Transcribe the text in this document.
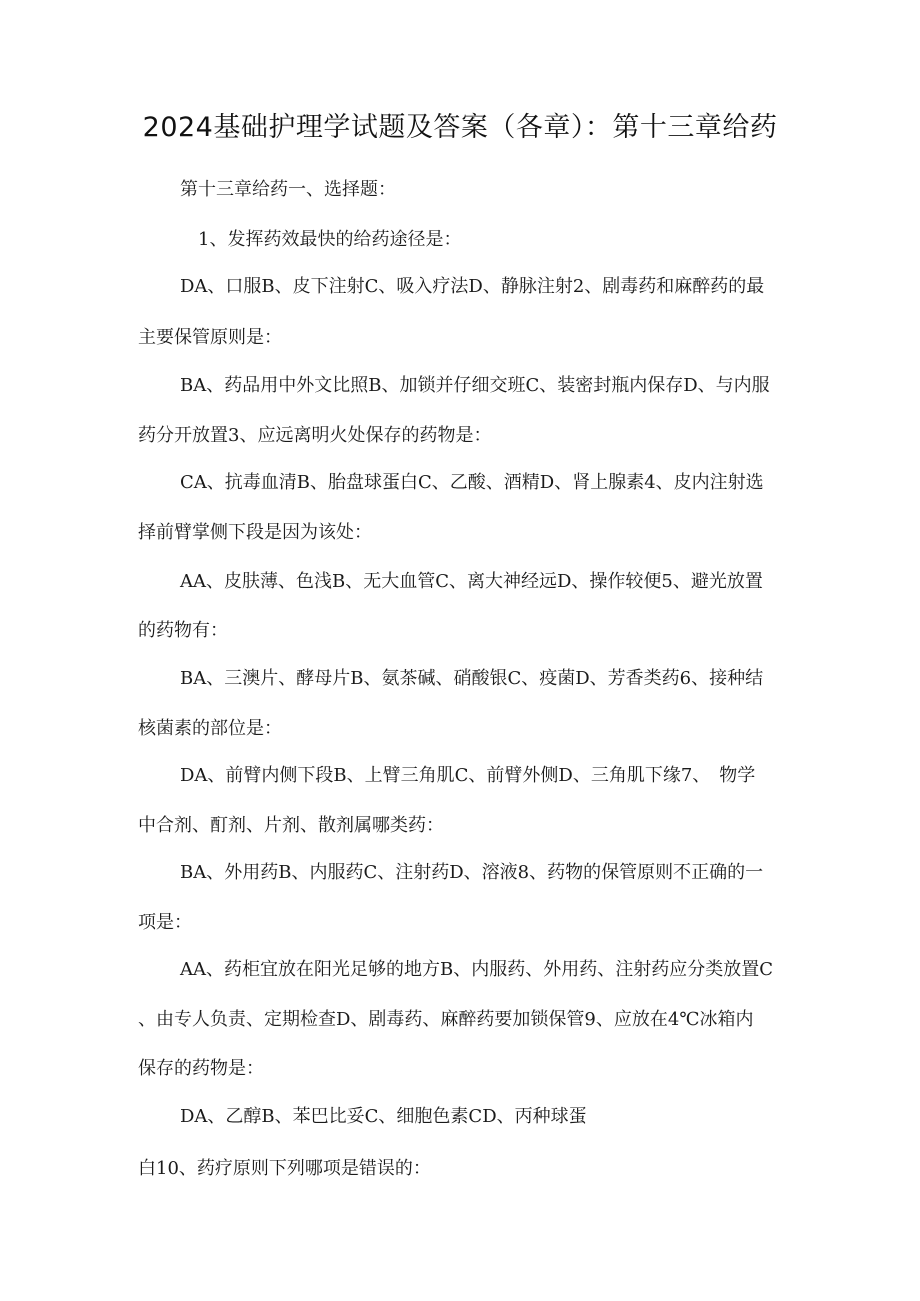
2024基础护理学试题及答案（各章）：第十三章给药

第十三章给药一、选择题：

1、发挥药效最快的给药途径是：

DA、口服B、皮下注射C、吸入疗法D、静脉注射2、剧毒药和麻醉药的最

主要保管原则是：

BA、药品用中外文比照B、加锁并仔细交班C、装密封瓶内保存D、与内服

药分开放置3、应远离明火处保存的药物是：

CA、抗毒血清B、胎盘球蛋白C、乙酸、酒精D、肾上腺素4、皮内注射选

择前臂掌侧下段是因为该处：

AA、皮肤薄、色浅B、无大血管C、离大神经远D、操作较便5、避光放置

的药物有：

BA、三澳片、酵母片B、氨茶碱、硝酸银C、疫菌D、芳香类药6、接种结

核菌素的部位是：

DA、前臂内侧下段B、上臂三角肌C、前臂外侧D、三角肌下缘7、　物学

中合剂、酊剂、片剂、散剂属哪类药：

BA、外用药B、内服药C、注射药D、溶液8、药物的保管原则不正确的一

项是：

AA、药柜宜放在阳光足够的地方B、内服药、外用药、注射药应分类放置C

、由专人负责、定期检查D、剧毒药、麻醉药要加锁保管9、应放在4℃冰箱内

保存的药物是：

DA、乙醇B、苯巴比妥C、细胞色素CD、丙种球蛋

白10、药疗原则下列哪项是错误的：
